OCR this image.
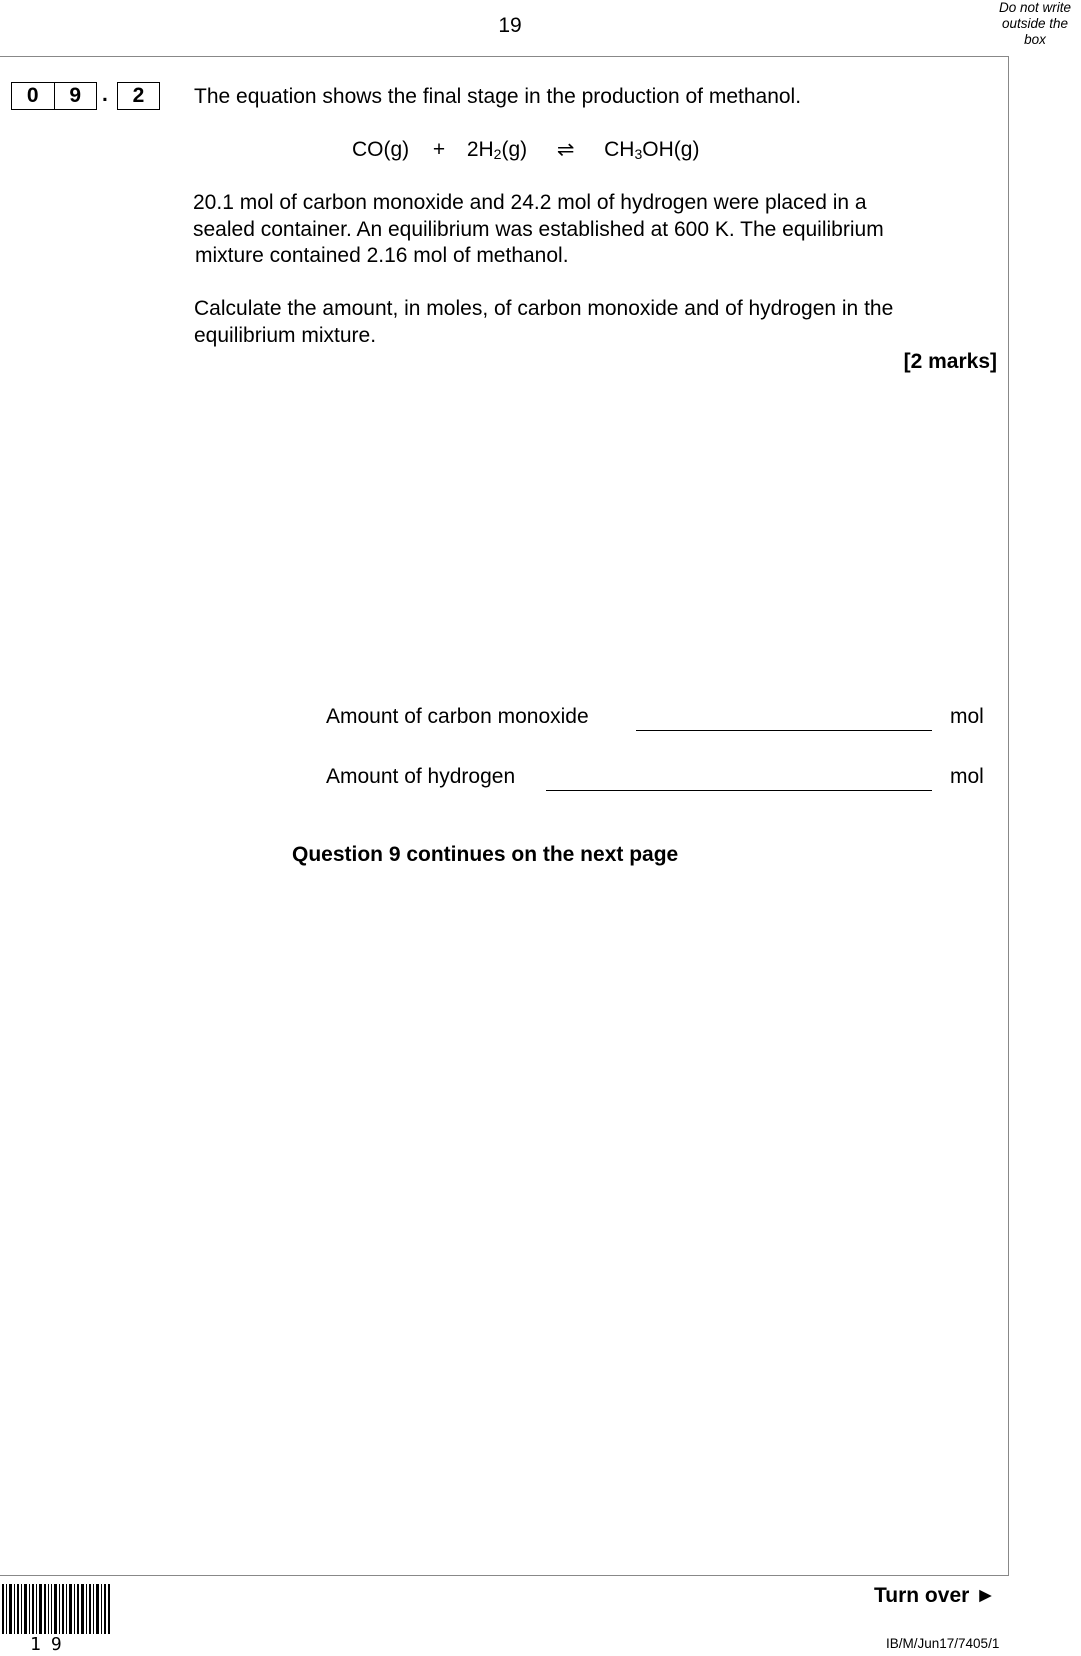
19
Do not write
outside the
box
0	9 .	2	The equation shows the final stage in the production of methanol.
$CO(g) + 2H_2(g)$ ⇌ $CH_3OH(g)$
20.1 mol of carbon monoxide and 24.2 mol of hydrogen were placed in a
sealed container. An equilibrium was established at 600 K. The equilibrium
mixture contained 2.16 mol of methanol.
Calculate the amount, in moles, of carbon monoxide and of hydrogen in the
equilibrium mixture.
[2 marks]
Amount of carbon monoxide	mol
Amount of hydrogen	mol
Question 9 continues on the next page
19
Turn over ►
IB/M/Jun17/7405/1
